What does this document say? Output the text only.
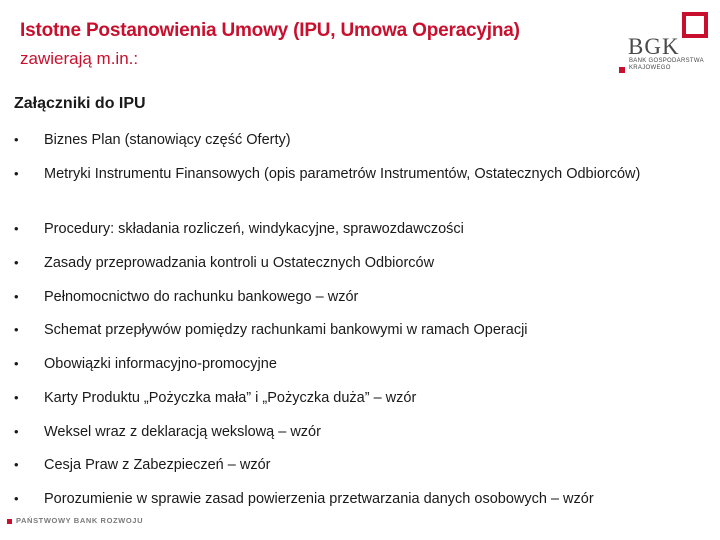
Istotne Postanowienia Umowy (IPU, Umowa Operacyjna)
zawierają m.in.:	BGK
BANK GOSPODARSTWA KRAJOWEGO
Załączniki do IPU
•	Biznes Plan (stanowiący część Oferty)
•	Metryki Instrumentu Finansowych (opis parametrów Instrumentów, Ostatecznych Odbiorców)
•	Procedury: składania rozliczeń, windykacyjne, sprawozdawczości
•	Zasady przeprowadzania kontroli u Ostatecznych Odbiorców
•	Pełnomocnictwo do rachunku bankowego – wzór
•	Schemat przepływów pomiędzy rachunkami bankowymi w ramach Operacji
•	Obowiązki informacyjno-promocyjne
•	Karty Produktu „Pożyczka mała” i „Pożyczka duża” – wzór
•	Weksel wraz z deklaracją wekslową – wzór
•	Cesja Praw z Zabezpieczeń – wzór
•	Porozumienie w sprawie zasad powierzenia przetwarzania danych osobowych – wzór
PAŃSTWOWY BANK ROZWOJU
